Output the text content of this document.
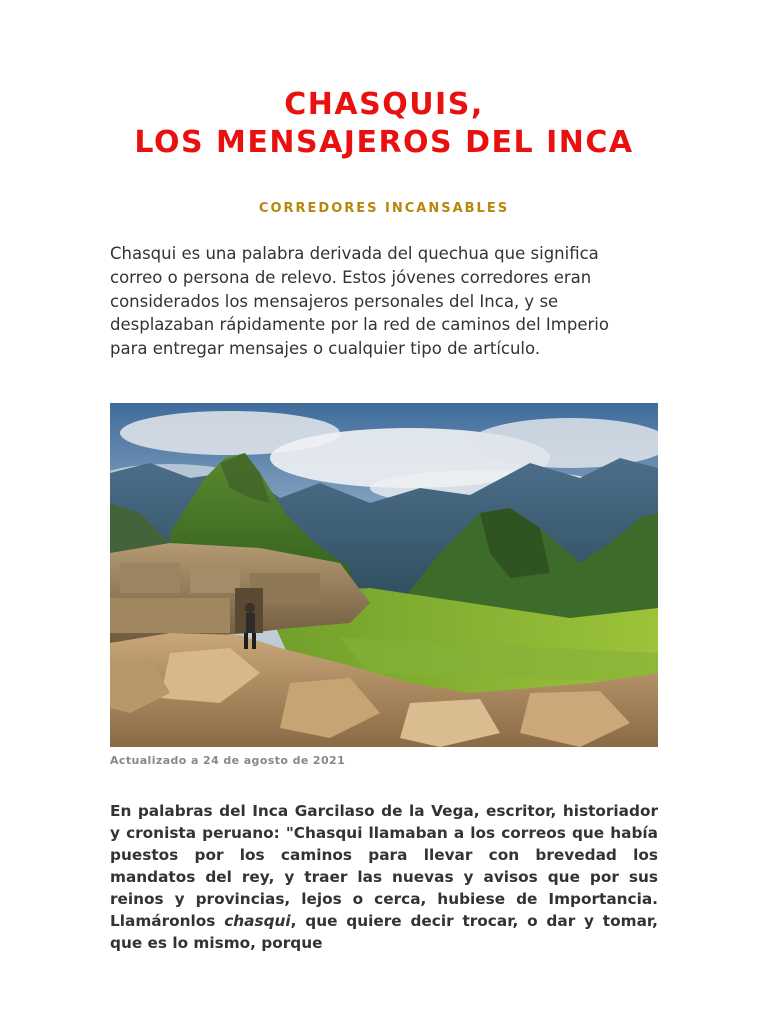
CHASQUIS,
LOS MENSAJEROS DEL INCA
CORREDORES INCANSABLES

Chasqui es una palabra derivada del quechua que significa correo o persona de relevo. Estos jóvenes corredores eran considerados los mensajeros personales del Inca, y se desplazaban rápidamente por la red de caminos del Imperio para entregar mensajes o cualquier tipo de artículo.

Actualizado a 24 de agosto de 2021

En palabras del Inca Garcilaso de la Vega, escritor, historiador y cronista peruano: "Chasqui llamaban a los correos que había puestos por los caminos para llevar con brevedad los mandatos del rey, y traer las nuevas y avisos que por sus reinos y provincias, lejos o cerca, hubiese de Importancia. Llamáronlos chasqui, que quiere decir trocar, o dar y tomar, que es lo mismo, porque
